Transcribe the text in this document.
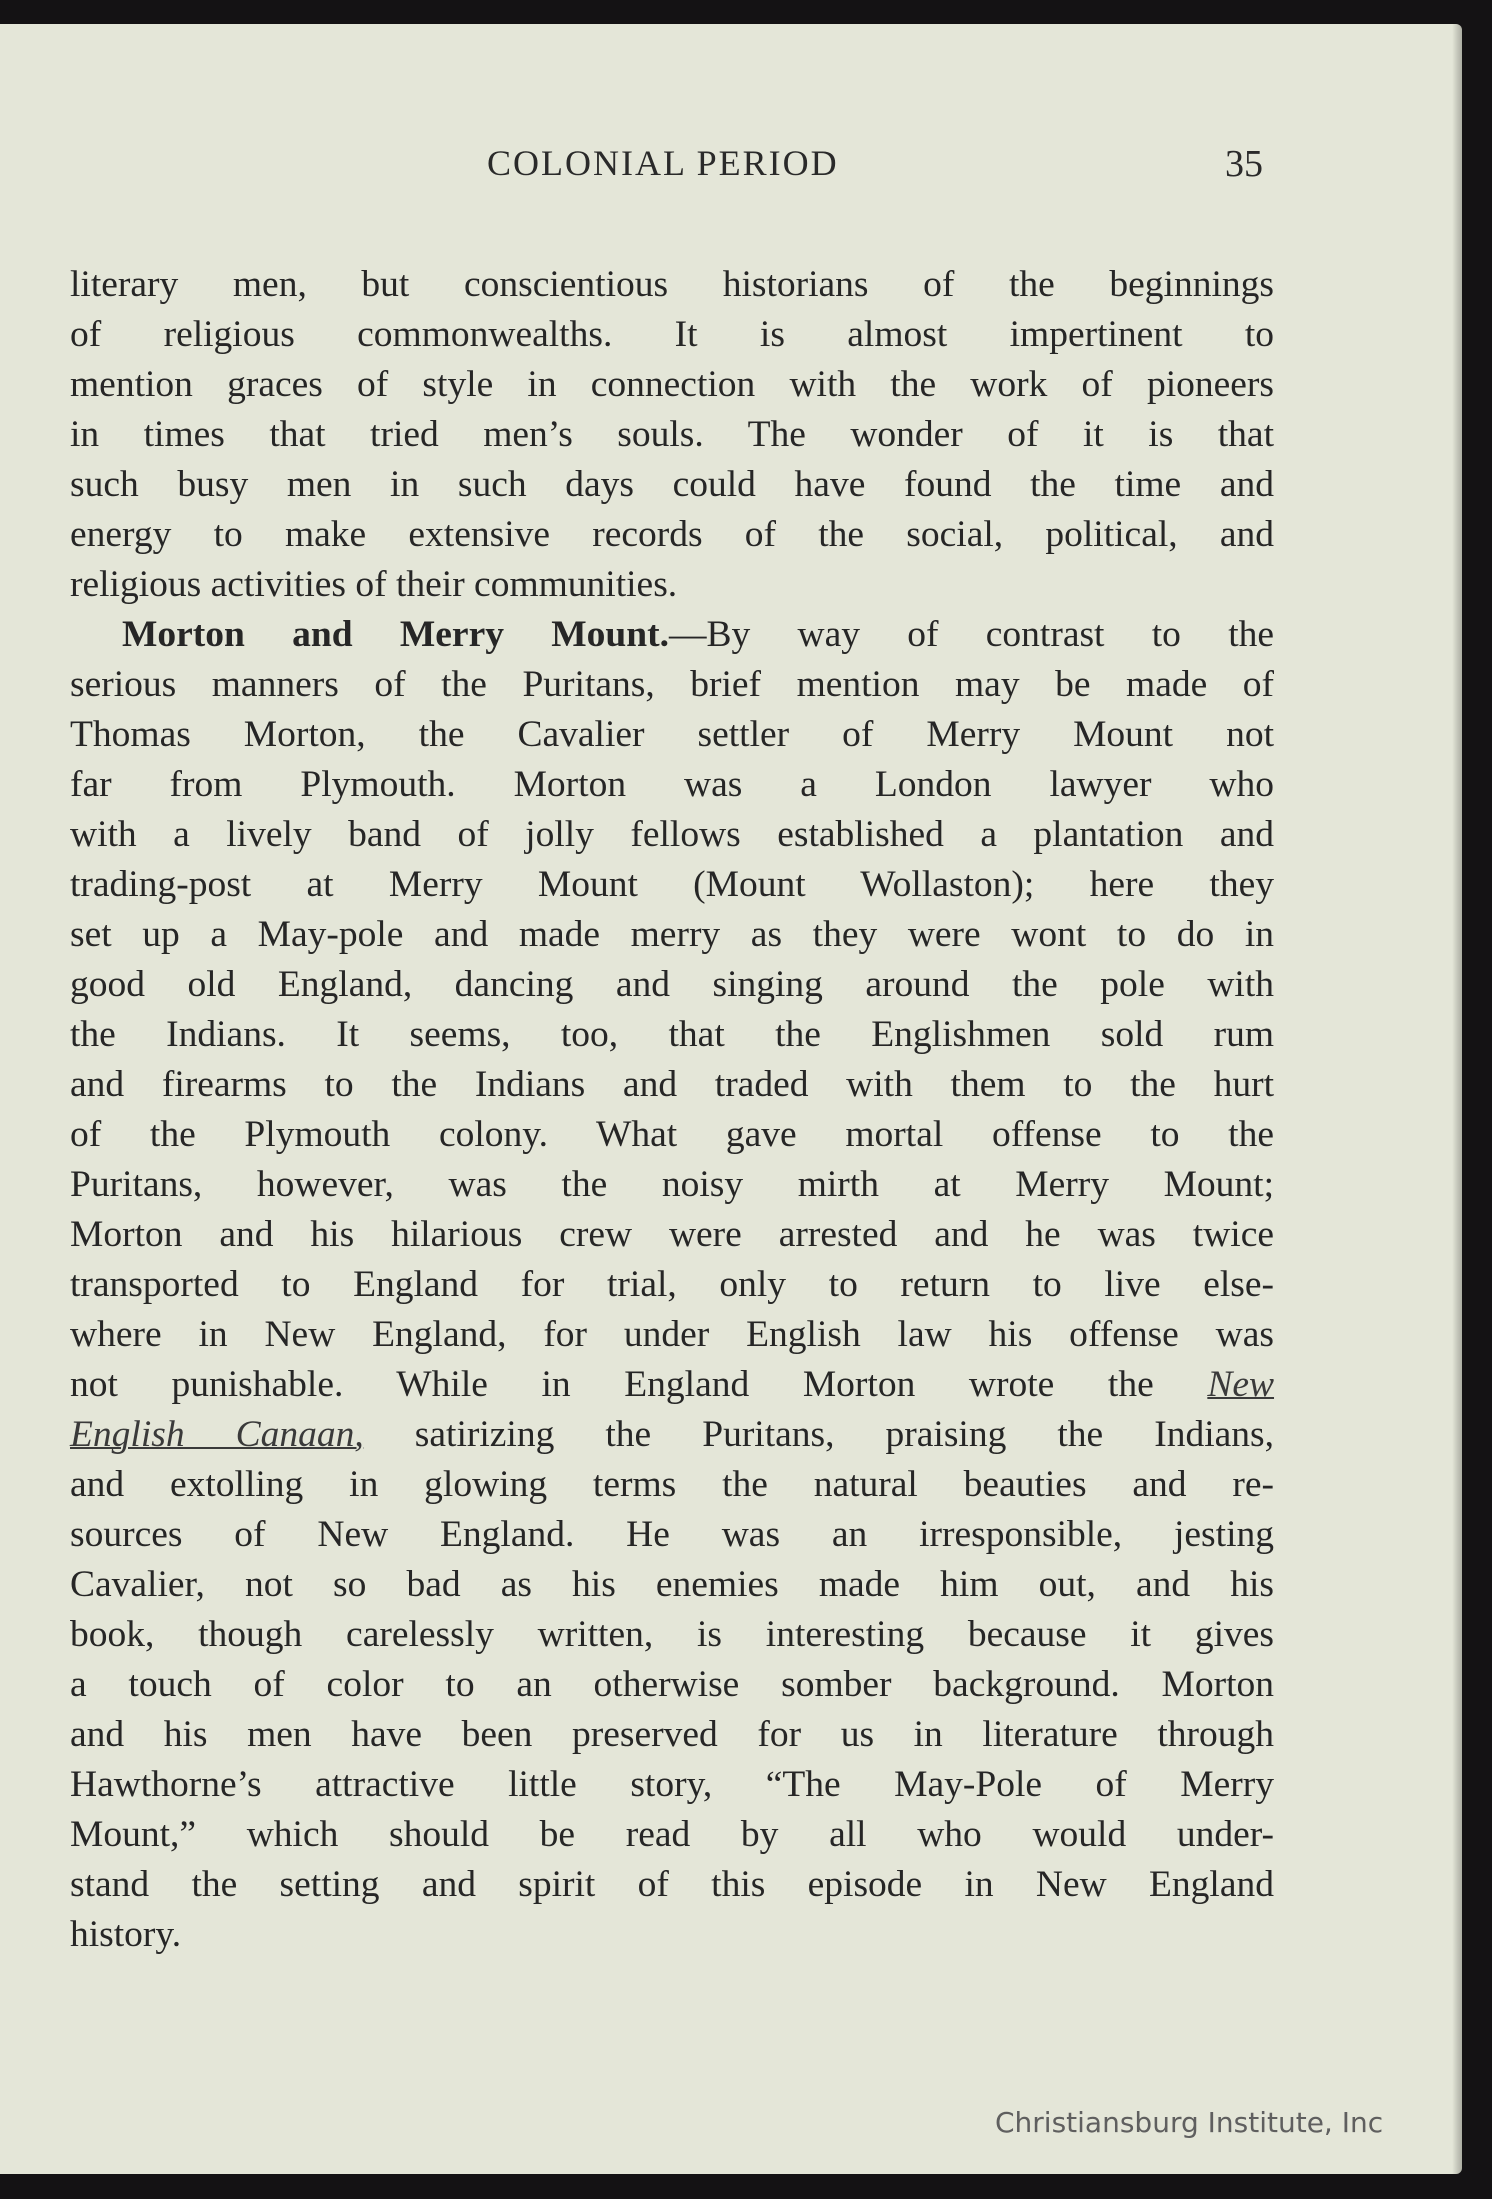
COLONIAL PERIOD	35
literary men, but conscientious historians of the beginnings
of religious commonwealths. It is almost impertinent to
mention graces of style in connection with the work of pioneers
in times that tried men’s souls. The wonder of it is that
such busy men in such days could have found the time and
energy to make extensive records of the social, political, and
religious activities of their communities.
Morton and Merry Mount.—By way of contrast to the
serious manners of the Puritans, brief mention may be made of
Thomas Morton, the Cavalier settler of Merry Mount not
far from Plymouth. Morton was a London lawyer who
with a lively band of jolly fellows established a plantation and
trading-post at Merry Mount (Mount Wollaston); here they
set up a May-pole and made merry as they were wont to do in
good old England, dancing and singing around the pole with
the Indians. It seems, too, that the Englishmen sold rum
and firearms to the Indians and traded with them to the hurt
of the Plymouth colony. What gave mortal offense to the
Puritans, however, was the noisy mirth at Merry Mount;
Morton and his hilarious crew were arrested and he was twice
transported to England for trial, only to return to live else-
where in New England, for under English law his offense was
not punishable. While in England Morton wrote the New
English Canaan, satirizing the Puritans, praising the Indians,
and extolling in glowing terms the natural beauties and re-
sources of New England. He was an irresponsible, jesting
Cavalier, not so bad as his enemies made him out, and his
book, though carelessly written, is interesting because it gives
a touch of color to an otherwise somber background. Morton
and his men have been preserved for us in literature through
Hawthorne’s attractive little story, “The May-Pole of Merry
Mount,” which should be read by all who would under-
stand the setting and spirit of this episode in New England
history.
Christiansburg Institute, Inc
